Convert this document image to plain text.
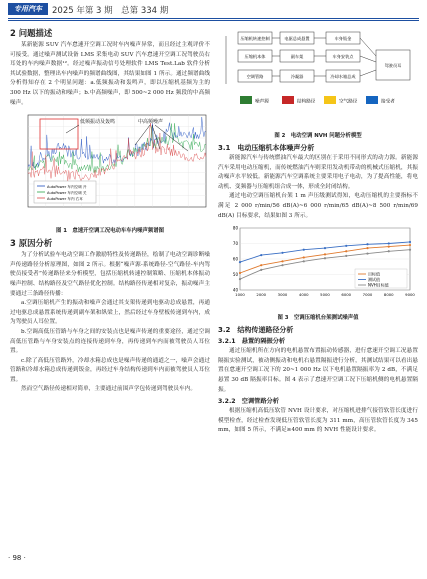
专用汽车	2025 年第 3 期　总第 334 期
2 问题描述

某新能源 SUV 汽车怠速开空调工况时车内噪声异常，而且经过主观评价不可接受。通过噪声测试设备 LMS 采集电动 SUV 汽车怠速开空调工况驾驶员右耳处的车内噪声数据¹²。经过噪声振动信号处理软件 LMS Test.Lab 软件分析其试验数据，整理出车内噪声的频谱曲线图，其结果如图 1 所示。通过频谱曲线分析得知存在 2 个明显问题：a.低频振动和轰鸣声，即以压缩机基频为主的 300 Hz 以下的振动和噪声；b.中高频噪声，即 500~2 000 Hz 频段的中高频噪声。

低频振动及轰鸣	中高频噪声
AutoPower 车内空调 开
AutoPower 车内空调 关
AutoPower 车内 右耳
图 1　怠速开空调工况电动车车内噪声频谱图
3 原因分析

为了分析试验车电动空调工作激励特性及传递路径，绘制了电动空调诊断噪声传递路径分析原理图，如图 2 所示。根据“噪声源-系统路径-空气路径-车内驾驶员接受者”传递路径来分析模型，包括压缩机转速控制策略、压缩机本体振动噪声控制、结构路径及空气路径优化控制。结构路径传递相对复杂，振动噪声主要通过三条路径传播：

a.空调压缩机产生的振动和噪声会通过其支架传递到电驱动总成悬置，再通过电驱总成悬置系统传递到副车架和纵梁上，然后经过车身壁板传递到车内，成为驾驶员人耳位置。

b.空调高低压管路与车身之间的安装点也是噪声传递的重要途径，通过空调高低压管路与车身安装点的连接传递到车身，再传递到车内而被驾驶员人耳位置。

c.除了高低压管路外，冷却水箱总成也是噪声传递的通道之一，噪声会通过管路和冷却水箱总成传递到钣金，再经过车身结构传递到车内而被驾驶员人耳位置。

然而空气路径传递相对简单，主要通过前围声学包传递到驾驶员车内。

· 98 ·
压缩机转速控制
压缩机本体
电驱总成悬置	车身钣金
副车架
空调管路	冷凝器	冷却水箱总成
车身安装点
驾驶员耳
噪声源	结构路径	空气路径	接受者
图 2　电动空调 NVH 问题分析模型
3.1　电动压缩机本体噪声分析

新能源汽车与传统燃油汽车最大的区别在于采用不同形式的动力源。新能源汽车采用电动压缩机，而传统燃油汽车则采用发动机带动的机械式压缩机，其振动噪声水平较低。新能源汽车空调系统主要采用电子电动，为了提高性能，将电动机、变频器与压缩机组合成一体，形成全封闭结构。

通过电动空调压缩机台架 1 m 声压级测试得知，电动压缩机的主要指标不满足 2 000 r/min/56 dB(A)~6 000 r/min/65 dB(A)~8 500 r/min/69 dB(A) 目标要求，结果如图 3 所示。

40
50
60
70
80
1000	2000	3000	4000	5000	6000	7000	8000	9000
目标值
测试值
NVH目标值
图 3　空调压缩机台架测试噪声值
3.2　结构传递路径分析
3.2.1　悬置的隔振分析

通过压缩机所在方向的电机悬置布置振动传感器，进行怠速开空调工况悬置隔振实验测试，被动侧振动和电机右悬置隔振进行分析，其测试结果可以看出悬置在怠速开空调工况下的 20~1 000 Hz 以下电机悬置隔振率为 2 dB，不满足悬置 30 dB 隔振率目标。图 4 表示了怠速开空调工况下压缩机侧的电机悬置隔振。

3.2.2　空调管路分析

根据压缩机高低压软管 NVH 设计要求，对压缩机进排气接管软管长度进行模型检查，经过检查发现低压管软管长度为 311 mm，高压管软管长度为 345 mm，如图 5 所示，不满足≥400 mm 的 NVH 性能设计要求。
